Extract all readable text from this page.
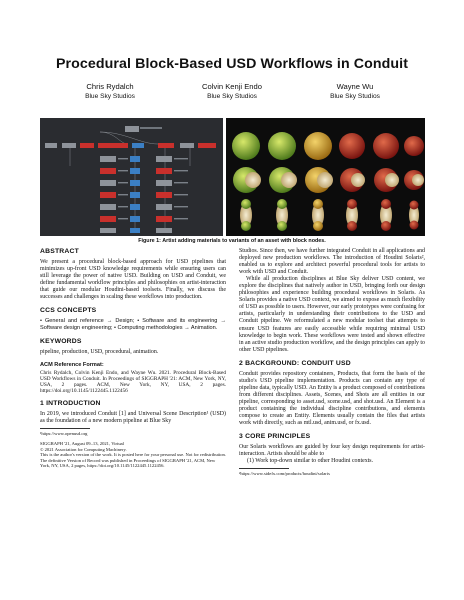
Procedural Block-Based USD Workflows in Conduit
Chris Rydalch
Blue Sky Studios
Colvin Kenji Endo
Blue Sky Studios
Wayne Wu
Blue Sky Studios
Figure 1: Artist adding materials to variants of an asset with block nodes.
ABSTRACT

We present a procedural block-based approach for USD pipelines that minimizes up-front USD knowledge requirements while ensuring users can still leverage the power of native USD. Building on USD and Conduit, we define fundamental workflow principles and philosophies on artist-interaction that guide our modular Houdini-based toolsets. Finally, we discuss the successes and challenges in scaling these workflows into production.

CCS CONCEPTS

• General and reference → Design; • Software and its engineering → Software design engineering; • Computing methodologies → Animation.

KEYWORDS

pipeline, production, USD, procedural, animation.

ACM Reference Format:

Chris Rydalch, Colvin Kenji Endo, and Wayne Wu. 2021. Procedural Block-Based USD Workflows in Conduit. In Proceedings of SIGGRAPH '21: ACM, New York, NY, USA, 2 pages. ACM, New York, NY, USA, 2 pages. https://doi.org/10.1145/1122445.1122456

1 INTRODUCTION

In 2019, we introduced Conduit [1] and Universal Scene Description¹ (USD) as the foundation of a new modern pipeline at Blue Sky

¹https://www.openusd.org
SIGGRAPH '21, August 09–13, 2021, Virtual
© 2021 Association for Computing Machinery.
This is the author's version of the work. It is posted here for your personal use. Not for redistribution. The definitive Version of Record was published in Proceedings of SIGGRAPH '21, ACM, New York, NY, USA, 2 pages, https://doi.org/10.1145/1122445.1122456.

Studios. Since then, we have further integrated Conduit in all applications and deployed new production workflows. The introduction of Houdini Solaris², enabled us to explore and architect powerful procedural tools for artists to work with USD and Conduit.

While all production disciplines at Blue Sky deliver USD content, we explore the disciplines that natively author in USD, bringing forth our design philosophies and experience building procedural workflows in Solaris. As Solaris provides a native USD context, we aimed to expose as much flexibility of USD as possible to users. However, our early prototypes were confusing for artists, particularly in understanding their contributions to the USD and Conduit pipeline. We reformulated a new modular toolset that attempts to ensure USD features are easily accessible while requiring minimal USD knowledge to begin work. These workflows were tested and shown effective in an active studio production workflow, and the design principles can apply to other USD pipelines.

2 BACKGROUND: CONDUIT USD

Conduit provides repository containers, Products, that form the basis of the studio's USD pipeline implementation. Products can contain any type of pipeline data, typically USD. An Entity is a product composed of contributions from different disciplines. Assets, Scenes, and Shots are all entities in our pipeline, corresponding to asset.usd, scene.usd, and shot.usd. An Element is a product containing the individual discipline contributions, and elements compose to create an Entity. Elements usually contain the files that artists work with directly, such as mtl.usd, anim.usd, or fx.usd.

3 CORE PRINCIPLES

Our Solaris workflows are guided by four key design requirements for artist-interaction. Artists should be able to

(1) Work top-down similar to other Houdini contexts.

²https://www.sidefx.com/products/houdini/solaris
